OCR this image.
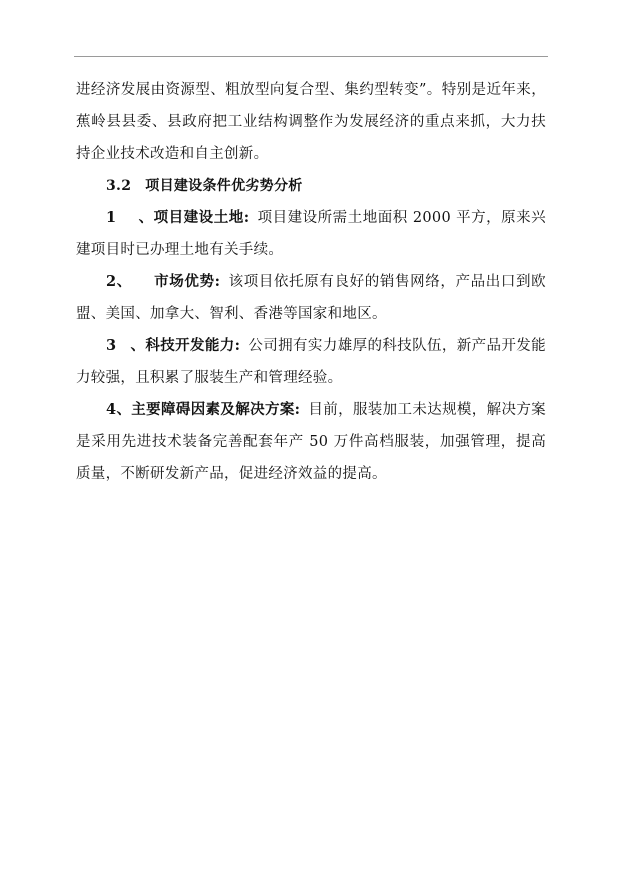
进经济发展由资源型、粗放型向复合型、集约型转变”。特别是近年来，蕉岭县县委、县政府把工业结构调整作为发展经济的重点来抓，大力扶持企业技术改造和自主创新。

3.2 项目建设条件优劣势分析

1 、项目建设土地: 项目建设所需土地面积 2000 平方，原来兴建项目时已办理土地有关手续。

2、 市场优势: 该项目依托原有良好的销售网络，产品出口到欧盟、美国、加拿大、智利、香港等国家和地区。

3 、科技开发能力: 公司拥有实力雄厚的科技队伍，新产品开发能力较强，且积累了服装生产和管理经验。

4、主要障碍因素及解决方案: 目前，服装加工未达规模，解决方案是采用先进技术装备完善配套年产 50 万件高档服装，加强管理，提高质量，不断研发新产品，促进经济效益的提高。
